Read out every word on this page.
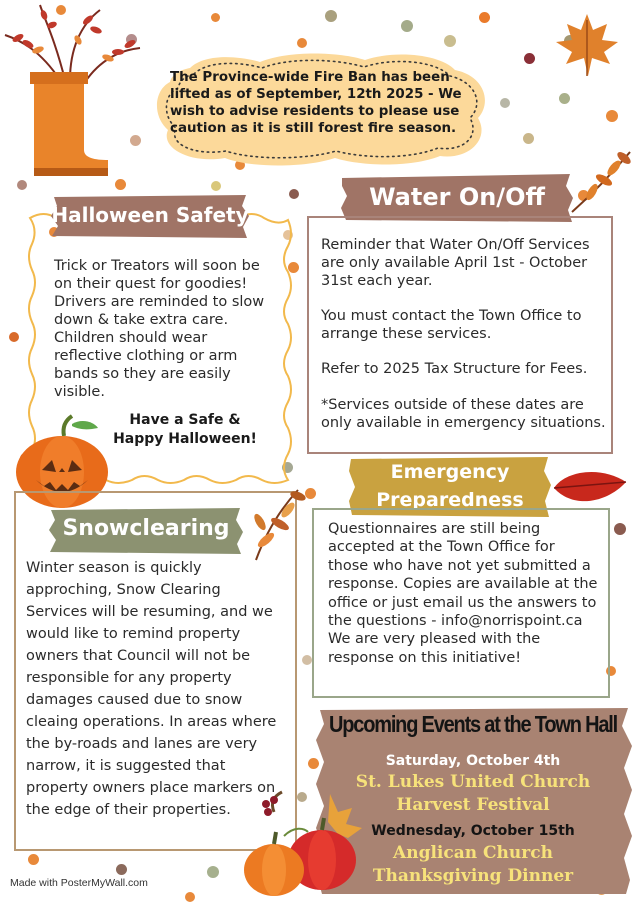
The Province-wide Fire Ban has been lifted as of September, 12th 2025 - We wish to advise residents to please use caution as it is still forest fire season.
Halloween Safety
Trick or Treators will soon be on their quest for goodies! Drivers are reminded to slow down & take extra care. Children should wear reflective clothing or arm bands so they are easily visible.
Have a Safe &
Happy Halloween!
Water On/Off
Reminder that Water On/Off Services are only available April 1st - October 31st each year.
You must contact the Town Office to arrange these services.
Refer to 2025 Tax Structure for Fees.
*Services outside of these dates are only available in emergency situations.
Emergency
Preparedness
Questionnaires are still being accepted at the Town Office for those who have not yet submitted a response. Copies are available at the office or just email us the answers to the questions - info@norrispoint.ca We are very pleased with the response on this initiative!
Snowclearing
Winter season is quickly approching, Snow Clearing Services will be resuming, and we would like to remind property owners that Council will not be responsible for any property damages caused due to snow cleaing operations. In areas where the by-roads and lanes are very narrow, it is suggested that property owners place markers on the edge of their properties.
Upcoming Events at the Town Hall
Saturday, October 4th
St. Lukes United Church
Harvest Festival
Wednesday, October 15th
Anglican Church
Thanksgiving Dinner
Made with PosterMyWall.com
